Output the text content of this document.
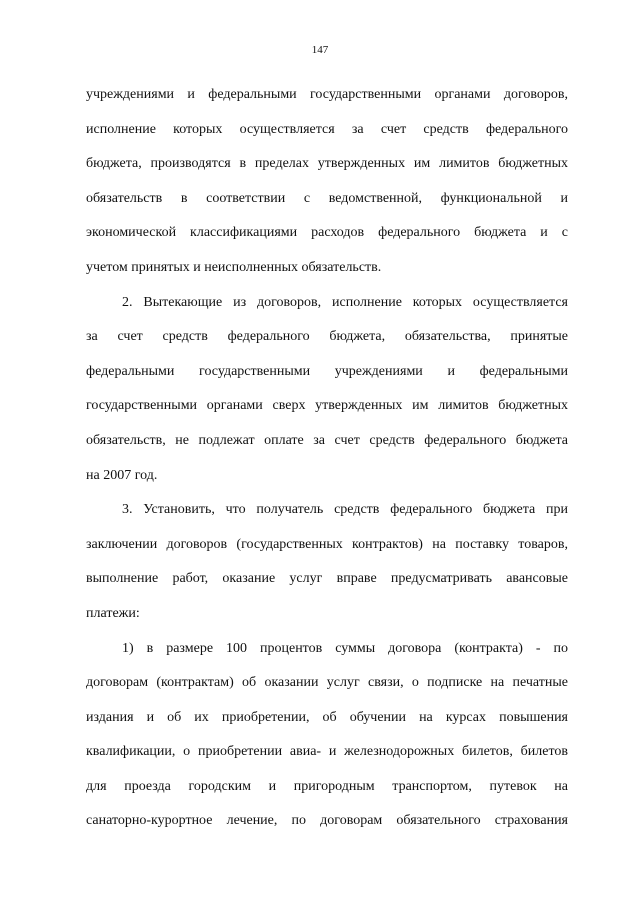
147
учреждениями и федеральными государственными органами договоров,
исполнение которых осуществляется за счет средств федерального
бюджета, производятся в пределах утвержденных им лимитов бюджетных
обязательств в соответствии с ведомственной, функциональной и
экономической классификациями расходов федерального бюджета и с
учетом принятых и неисполненных обязательств.
2. Вытекающие из договоров, исполнение которых осуществляется
за счет средств федерального бюджета, обязательства, принятые
федеральными государственными учреждениями и федеральными
государственными органами сверх утвержденных им лимитов бюджетных
обязательств, не подлежат оплате за счет средств федерального бюджета
на 2007 год.
3. Установить, что получатель средств федерального бюджета при
заключении договоров (государственных контрактов) на поставку товаров,
выполнение работ, оказание услуг вправе предусматривать авансовые
платежи:
1) в размере 100 процентов суммы договора (контракта) - по
договорам (контрактам) об оказании услуг связи, о подписке на печатные
издания и об их приобретении, об обучении на курсах повышения
квалификации, о приобретении авиа- и железнодорожных билетов, билетов
для проезда городским и пригородным транспортом, путевок на
санаторно-курортное лечение, по договорам обязательного страхования
